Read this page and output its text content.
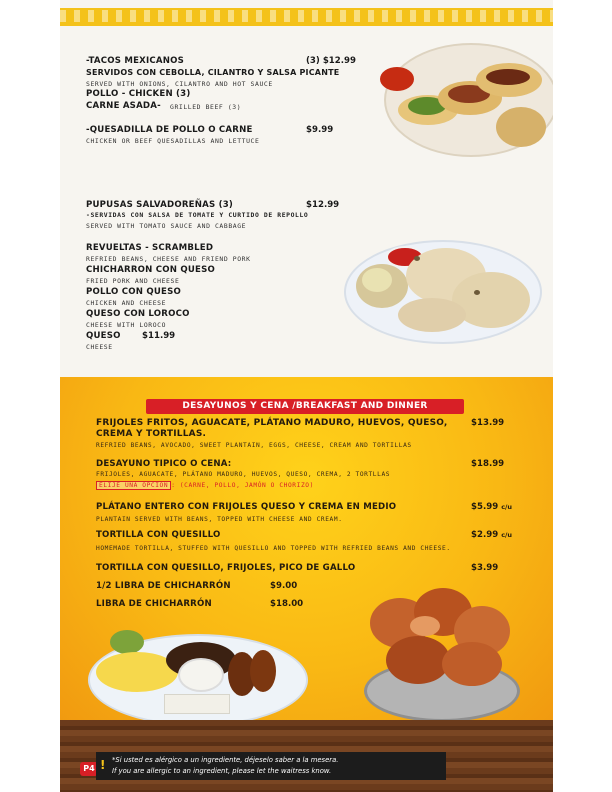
-TACOS MEXICANOS	(3) $12.99
SERVIDOS CON CEBOLLA, CILANTRO Y SALSA PICANTE
SERVED WITH ONIONS, CILANTRO AND HOT SAUCE
POLLO - CHICKEN (3)
CARNE ASADA- GRILLED BEEF (3)
-QUESADILLA DE POLLO O CARNE	$9.99
CHICKEN OR BEEF QUESADILLAS AND LETTUCE
PUPUSAS SALVADOREÑAS (3)	$12.99
-SERVIDAS CON SALSA DE TOMATE Y CURTIDO DE REPOLLO
SERVED WITH TOMATO SAUCE AND CABBAGE
REVUELTAS - SCRAMBLED
REFRIED BEANS, CHEESE AND FRIEND PORK
CHICHARRON CON QUESO
FRIED PORK AND CHEESE
POLLO CON QUESO
CHICKEN AND CHEESE
QUESO CON LOROCO
CHEESE WITH LOROCO
QUESO $11.99
CHEESE
DESAYUNOS Y CENA /BREAKFAST AND DINNER
FRIJOLES FRITOS, AGUACATE, PLÁTANO MADURO, HUEVOS, QUESO,	$13.99
CREMA Y TORTILLAS.
REFRIED BEANS, AVOCADO, SWEET PLANTAIN, EGGS, CHEESE, CREAM AND TORTILLAS
DESAYUNO TIPICO O CENA:	$18.99
FRIJOLES, AGUACATE, PLÁTANO MADURO, HUEVOS, QUESO, CREMA, 2 TORTLLAS
ELIJE UNA OPCION : (CARNE, POLLO, JAMÓN O CHORIZO)
PLÁTANO ENTERO CON FRIJOLES QUESO Y CREMA EN MEDIO	$5.99 c/u
PLANTAIN SERVED WITH BEANS, TOPPED WITH CHEESE AND CREAM.
TORTILLA CON QUESILLO	$2.99 c/u
HOMEMADE TORTILLA, STUFFED WITH QUESILLO AND TOPPED WITH REFRIED BEANS AND CHEESE.
TORTILLA CON QUESILLO, FRIJOLES, PICO DE GALLO	$3.99
1/2 LIBRA DE CHICHARRÓN	$9.00
LIBRA DE CHICHARRÓN	$18.00
P4 ! *Si usted es alérgico a un ingrediente, déjeselo saber a la mesera.
If you are allergic to an ingredient, please let the waitress know.
